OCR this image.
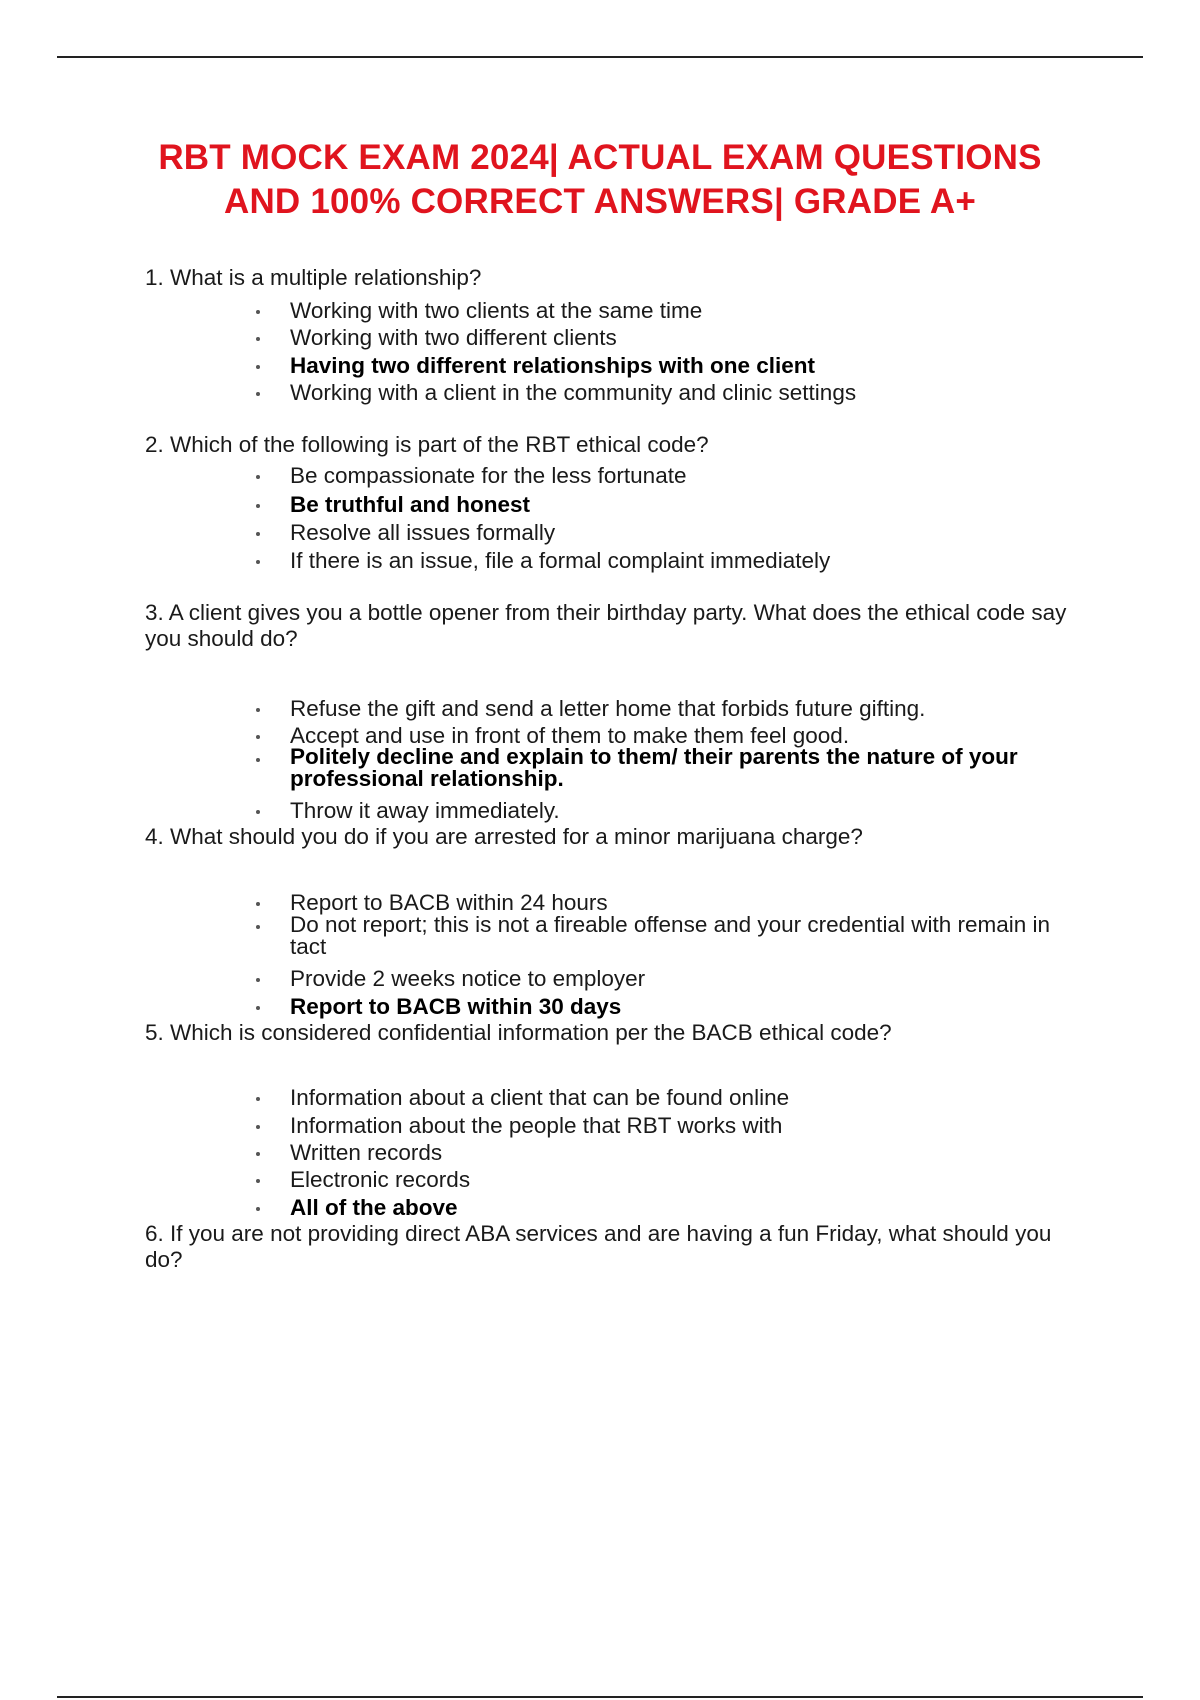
RBT MOCK EXAM 2024| ACTUAL EXAM QUESTIONS
AND 100% CORRECT ANSWERS| GRADE A+
1. What is a multiple relationship?
Working with two clients at the same time
Working with two different clients
Having two different relationships with one client
Working with a client in the community and clinic settings
2. Which of the following is part of the RBT ethical code?
Be compassionate for the less fortunate
Be truthful and honest
Resolve all issues formally
If there is an issue, file a formal complaint immediately
3. A client gives you a bottle opener from their birthday party. What does the ethical code say you should do?
Refuse the gift and send a letter home that forbids future gifting.
Accept and use in front of them to make them feel good.
Politely decline and explain to them/ their parents the nature of your professional relationship.
Throw it away immediately.
4. What should you do if you are arrested for a minor marijuana charge?
Report to BACB within 24 hours
Do not report; this is not a fireable offense and your credential with remain in tact
Provide 2 weeks notice to employer
Report to BACB within 30 days
5. Which is considered confidential information per the BACB ethical code?
Information about a client that can be found online
Information about the people that RBT works with
Written records
Electronic records
All of the above
6. If you are not providing direct ABA services and are having a fun Friday, what should you do?
